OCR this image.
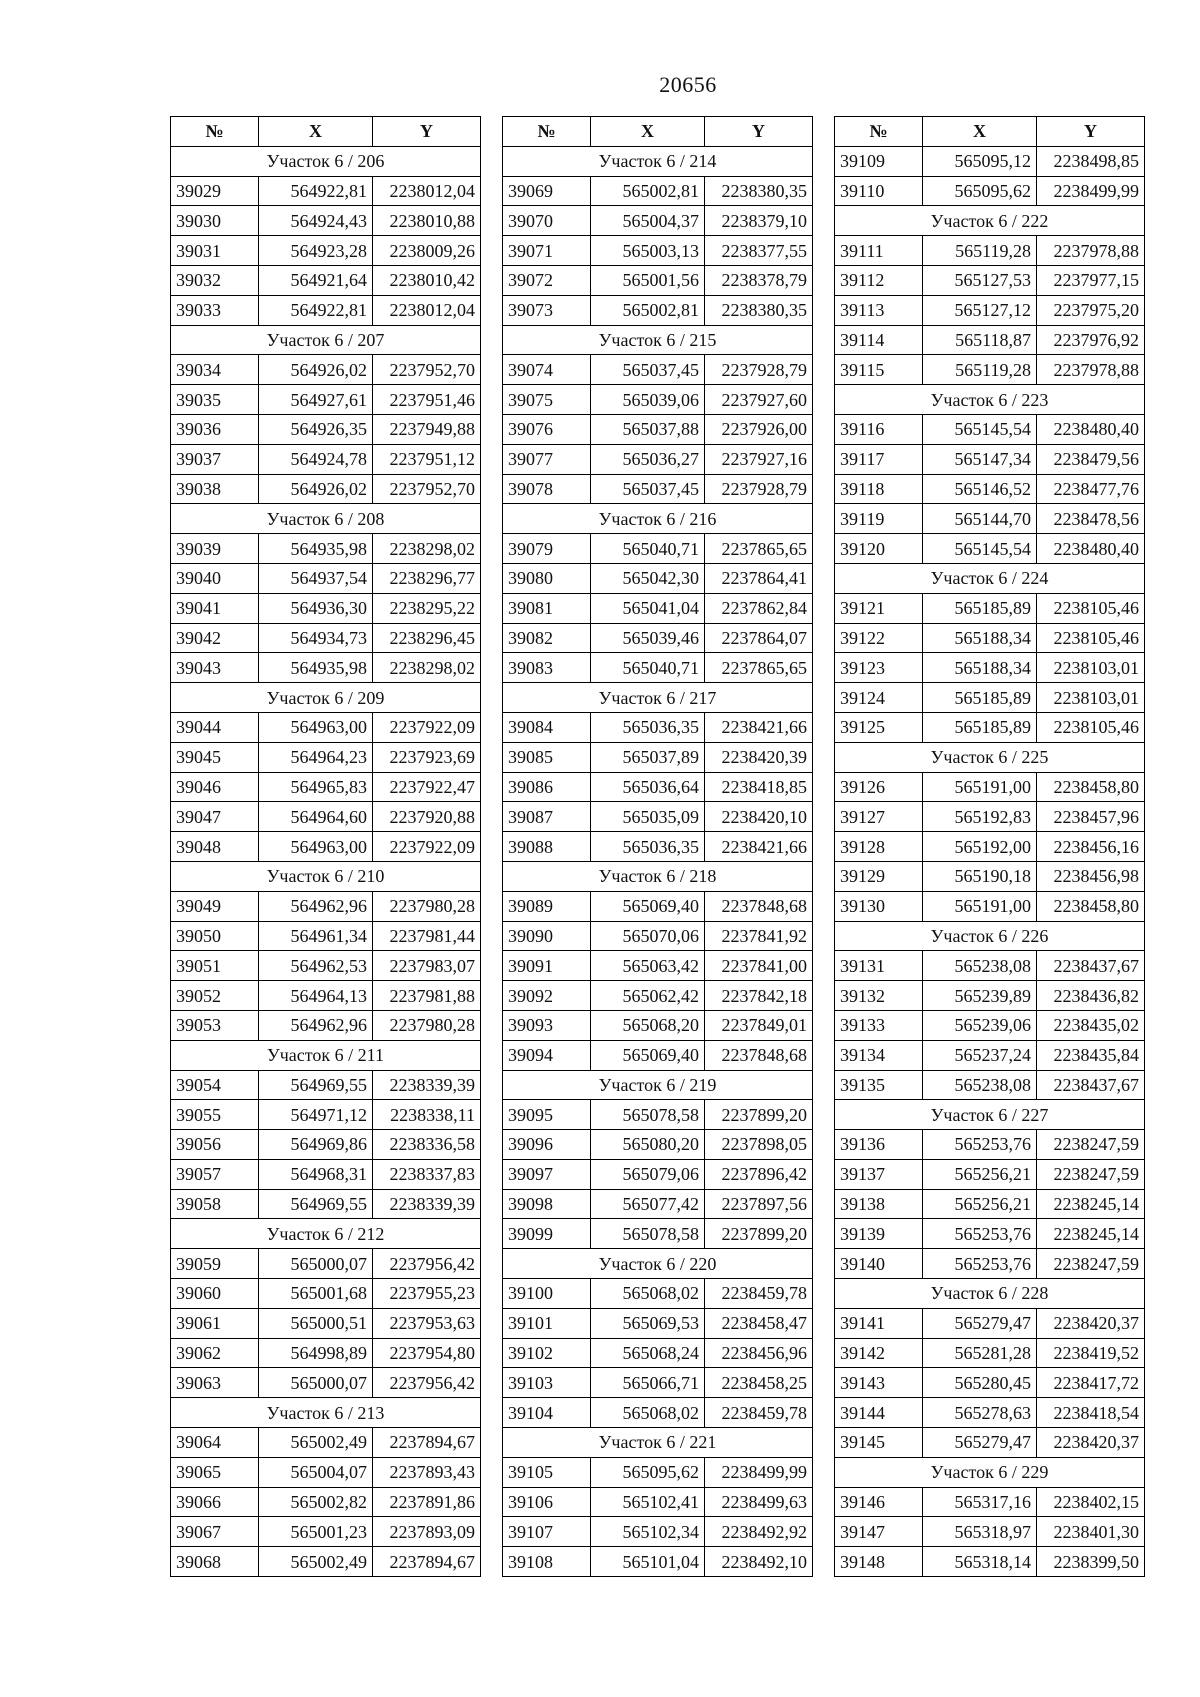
20656
№	X	Y
Участок 6 / 206		
39029	564922,81	2238012,04
39030	564924,43	2238010,88
39031	564923,28	2238009,26
39032	564921,64	2238010,42
39033	564922,81	2238012,04
Участок 6 / 207		
39034	564926,02	2237952,70
39035	564927,61	2237951,46
39036	564926,35	2237949,88
39037	564924,78	2237951,12
39038	564926,02	2237952,70
Участок 6 / 208		
39039	564935,98	2238298,02
39040	564937,54	2238296,77
39041	564936,30	2238295,22
39042	564934,73	2238296,45
39043	564935,98	2238298,02
Участок 6 / 209		
39044	564963,00	2237922,09
39045	564964,23	2237923,69
39046	564965,83	2237922,47
39047	564964,60	2237920,88
39048	564963,00	2237922,09
Участок 6 / 210		
39049	564962,96	2237980,28
39050	564961,34	2237981,44
39051	564962,53	2237983,07
39052	564964,13	2237981,88
39053	564962,96	2237980,28
Участок 6 / 211		
39054	564969,55	2238339,39
39055	564971,12	2238338,11
39056	564969,86	2238336,58
39057	564968,31	2238337,83
39058	564969,55	2238339,39
Участок 6 / 212		
39059	565000,07	2237956,42
39060	565001,68	2237955,23
39061	565000,51	2237953,63
39062	564998,89	2237954,80
39063	565000,07	2237956,42
Участок 6 / 213		
39064	565002,49	2237894,67
39065	565004,07	2237893,43
39066	565002,82	2237891,86
39067	565001,23	2237893,09
39068	565002,49	2237894,67
№	X	Y
Участок 6 / 214		
39069	565002,81	2238380,35
39070	565004,37	2238379,10
39071	565003,13	2238377,55
39072	565001,56	2238378,79
39073	565002,81	2238380,35
Участок 6 / 215		
39074	565037,45	2237928,79
39075	565039,06	2237927,60
39076	565037,88	2237926,00
39077	565036,27	2237927,16
39078	565037,45	2237928,79
Участок 6 / 216		
39079	565040,71	2237865,65
39080	565042,30	2237864,41
39081	565041,04	2237862,84
39082	565039,46	2237864,07
39083	565040,71	2237865,65
Участок 6 / 217		
39084	565036,35	2238421,66
39085	565037,89	2238420,39
39086	565036,64	2238418,85
39087	565035,09	2238420,10
39088	565036,35	2238421,66
Участок 6 / 218		
39089	565069,40	2237848,68
39090	565070,06	2237841,92
39091	565063,42	2237841,00
39092	565062,42	2237842,18
39093	565068,20	2237849,01
39094	565069,40	2237848,68
Участок 6 / 219		
39095	565078,58	2237899,20
39096	565080,20	2237898,05
39097	565079,06	2237896,42
39098	565077,42	2237897,56
39099	565078,58	2237899,20
Участок 6 / 220		
39100	565068,02	2238459,78
39101	565069,53	2238458,47
39102	565068,24	2238456,96
39103	565066,71	2238458,25
39104	565068,02	2238459,78
Участок 6 / 221		
39105	565095,62	2238499,99
39106	565102,41	2238499,63
39107	565102,34	2238492,92
39108	565101,04	2238492,10
№	X	Y
39109	565095,12	2238498,85
39110	565095,62	2238499,99
Участок 6 / 222		
39111	565119,28	2237978,88
39112	565127,53	2237977,15
39113	565127,12	2237975,20
39114	565118,87	2237976,92
39115	565119,28	2237978,88
Участок 6 / 223		
39116	565145,54	2238480,40
39117	565147,34	2238479,56
39118	565146,52	2238477,76
39119	565144,70	2238478,56
39120	565145,54	2238480,40
Участок 6 / 224		
39121	565185,89	2238105,46
39122	565188,34	2238105,46
39123	565188,34	2238103,01
39124	565185,89	2238103,01
39125	565185,89	2238105,46
Участок 6 / 225		
39126	565191,00	2238458,80
39127	565192,83	2238457,96
39128	565192,00	2238456,16
39129	565190,18	2238456,98
39130	565191,00	2238458,80
Участок 6 / 226		
39131	565238,08	2238437,67
39132	565239,89	2238436,82
39133	565239,06	2238435,02
39134	565237,24	2238435,84
39135	565238,08	2238437,67
Участок 6 / 227		
39136	565253,76	2238247,59
39137	565256,21	2238247,59
39138	565256,21	2238245,14
39139	565253,76	2238245,14
39140	565253,76	2238247,59
Участок 6 / 228		
39141	565279,47	2238420,37
39142	565281,28	2238419,52
39143	565280,45	2238417,72
39144	565278,63	2238418,54
39145	565279,47	2238420,37
Участок 6 / 229		
39146	565317,16	2238402,15
39147	565318,97	2238401,30
39148	565318,14	2238399,50
